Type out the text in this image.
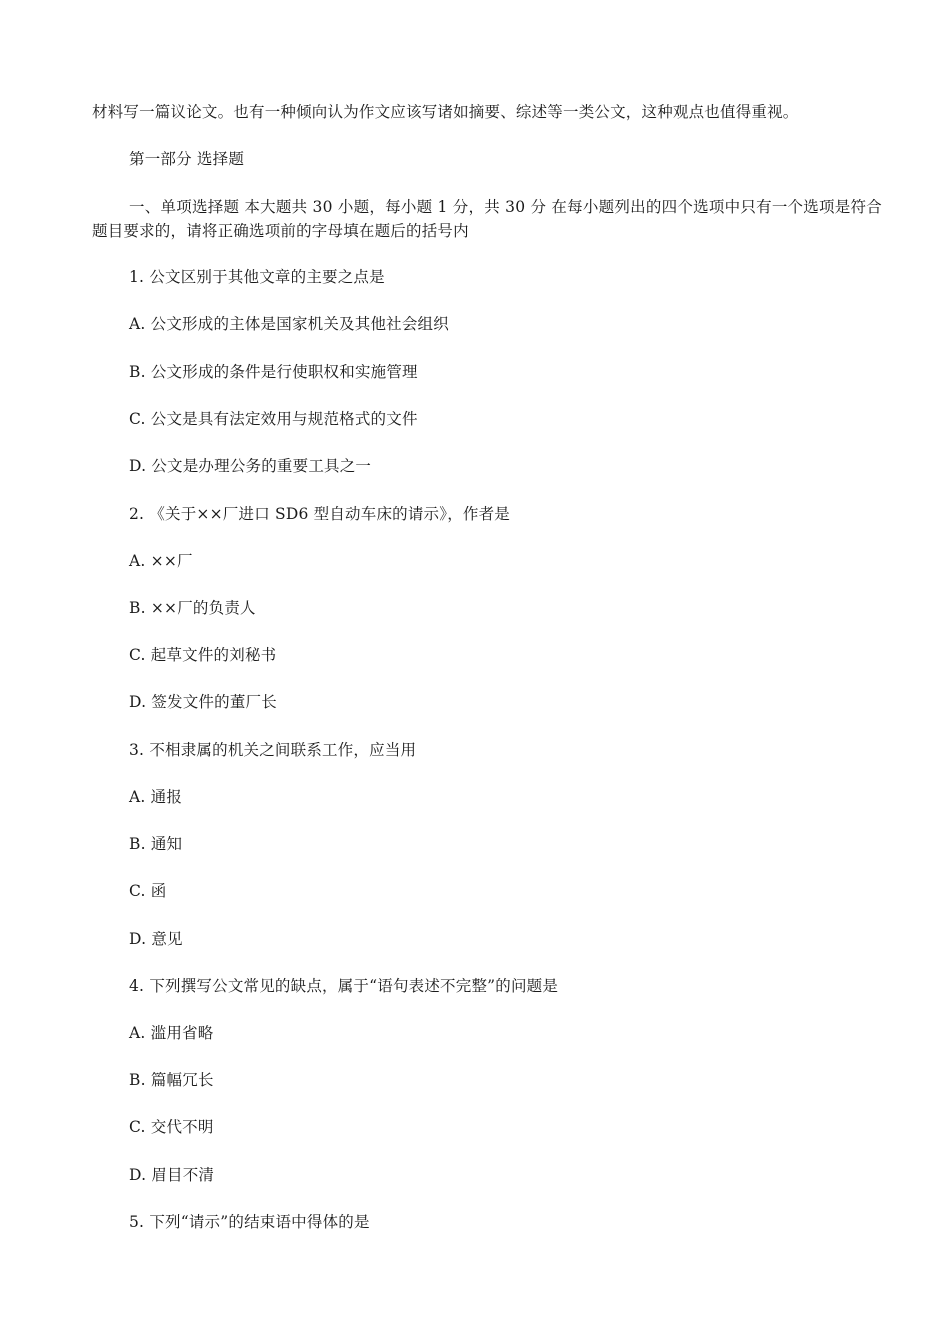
材料写一篇议论文。也有一种倾向认为作文应该写诸如摘要、综述等一类公文，这种观点也值得重视。
第一部分 选择题
一、单项选择题 本大题共 30 小题，每小题 1 分，共 30 分 在每小题列出的四个选项中只有一个选项是符合题目要求的，请将正确选项前的字母填在题后的括号内
1. 公文区别于其他文章的主要之点是
A. 公文形成的主体是国家机关及其他社会组织
B. 公文形成的条件是行使职权和实施管理
C. 公文是具有法定效用与规范格式的文件
D. 公文是办理公务的重要工具之一
2. 《关于××厂进口 SD6 型自动车床的请示》，作者是
A. ××厂
B. ××厂的负责人
C. 起草文件的刘秘书
D. 签发文件的董厂长
3. 不相隶属的机关之间联系工作，应当用
A. 通报
B. 通知
C. 函
D. 意见
4. 下列撰写公文常见的缺点，属于“语句表述不完整”的问题是
A. 滥用省略
B. 篇幅冗长
C. 交代不明
D. 眉目不清
5. 下列“请示”的结束语中得体的是
